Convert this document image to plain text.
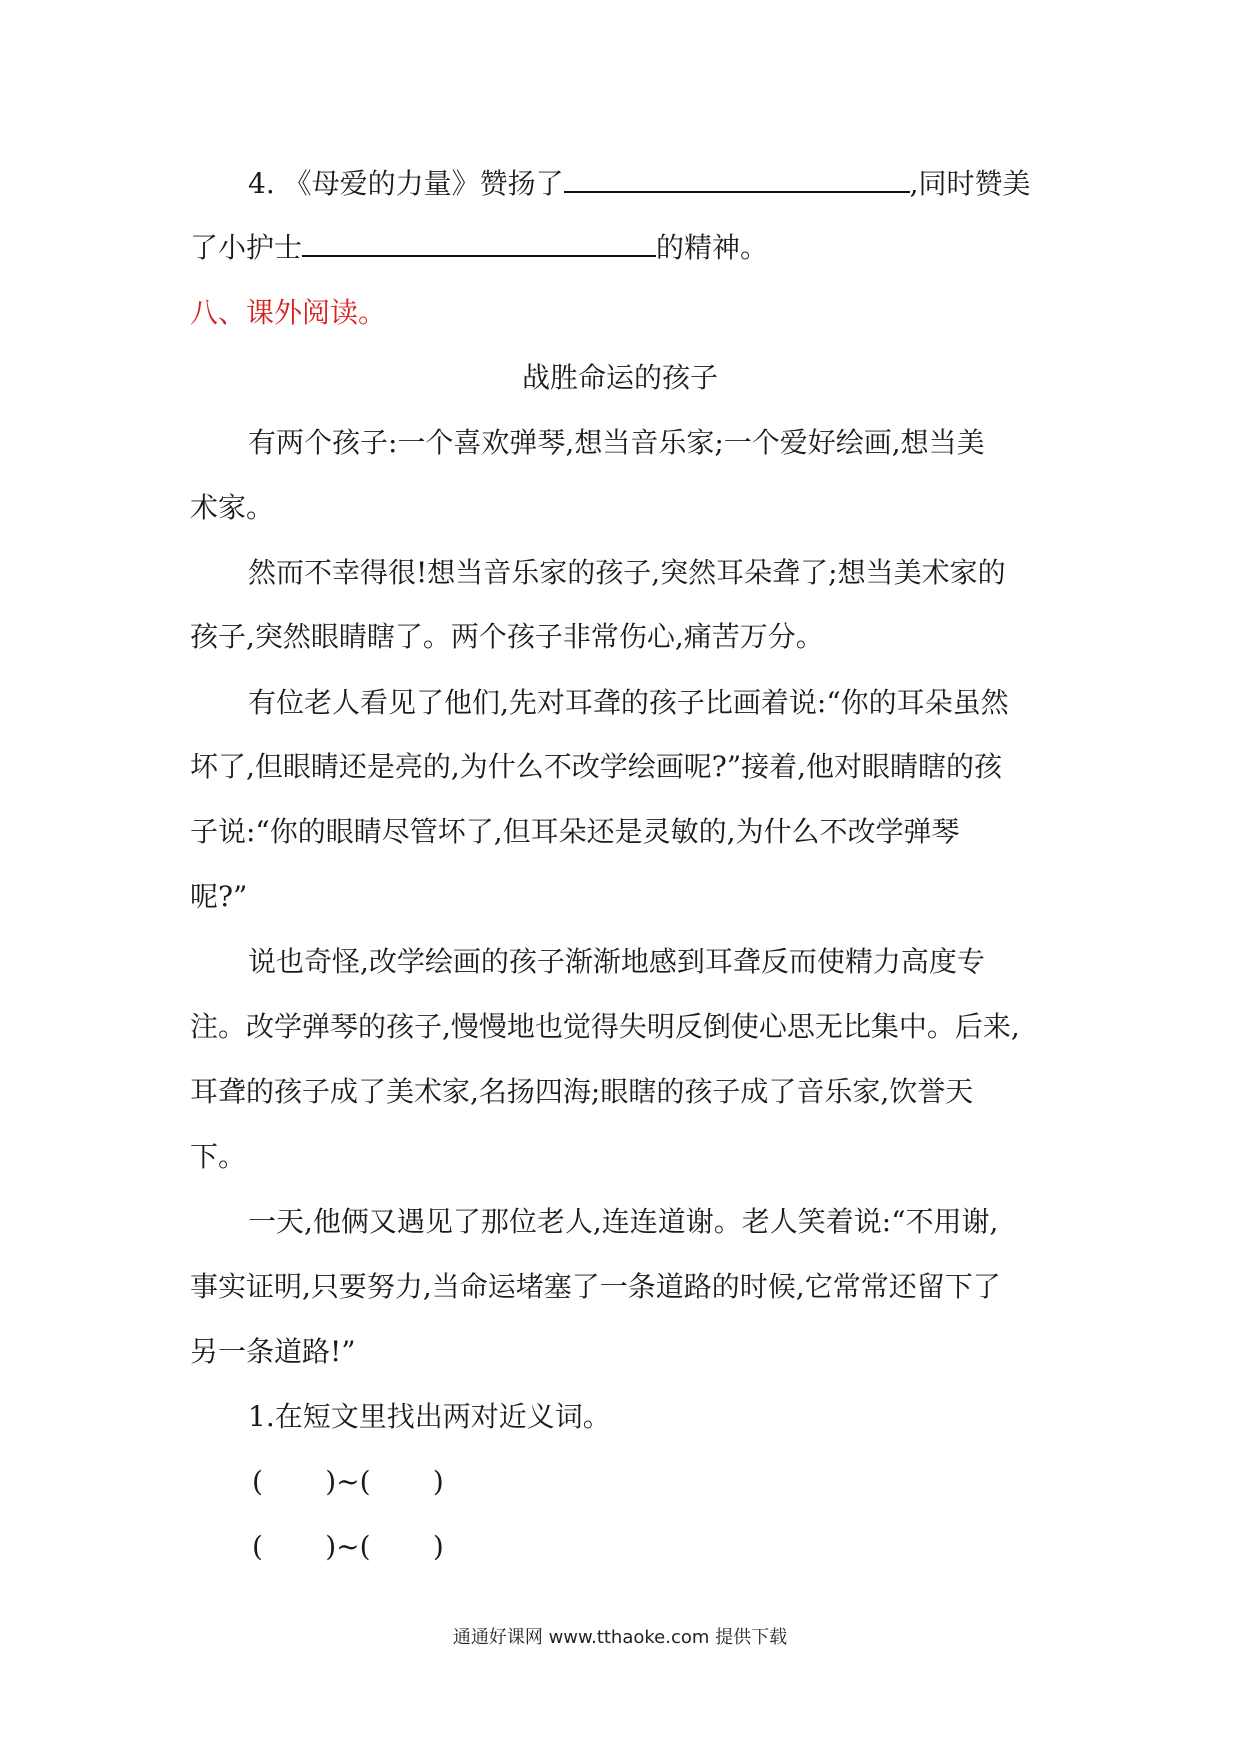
4. 《母爱的力量》赞扬了	,同时赞美
了小护士	的精神。
八、课外阅读。
战胜命运的孩子
有两个孩子:一个喜欢弹琴,想当音乐家;一个爱好绘画,想当美
术家。
然而不幸得很!想当音乐家的孩子,突然耳朵聋了;想当美术家的
孩子,突然眼睛瞎了。两个孩子非常伤心,痛苦万分。
有位老人看见了他们,先对耳聋的孩子比画着说:“你的耳朵虽然
坏了,但眼睛还是亮的,为什么不改学绘画呢?”接着,他对眼睛瞎的孩
子说:“你的眼睛尽管坏了,但耳朵还是灵敏的,为什么不改学弹琴
呢?”
说也奇怪,改学绘画的孩子渐渐地感到耳聋反而使精力高度专
注。改学弹琴的孩子,慢慢地也觉得失明反倒使心思无比集中。后来,
耳聋的孩子成了美术家,名扬四海;眼瞎的孩子成了音乐家,饮誉天
下。
一天,他俩又遇见了那位老人,连连道谢。老人笑着说:“不用谢,
事实证明,只要努力,当命运堵塞了一条道路的时候,它常常还留下了
另一条道路!”
1.在短文里找出两对近义词。
(       )~(       )
(       )~(       )
通通好课网 www.tthaoke.com 提供下载
